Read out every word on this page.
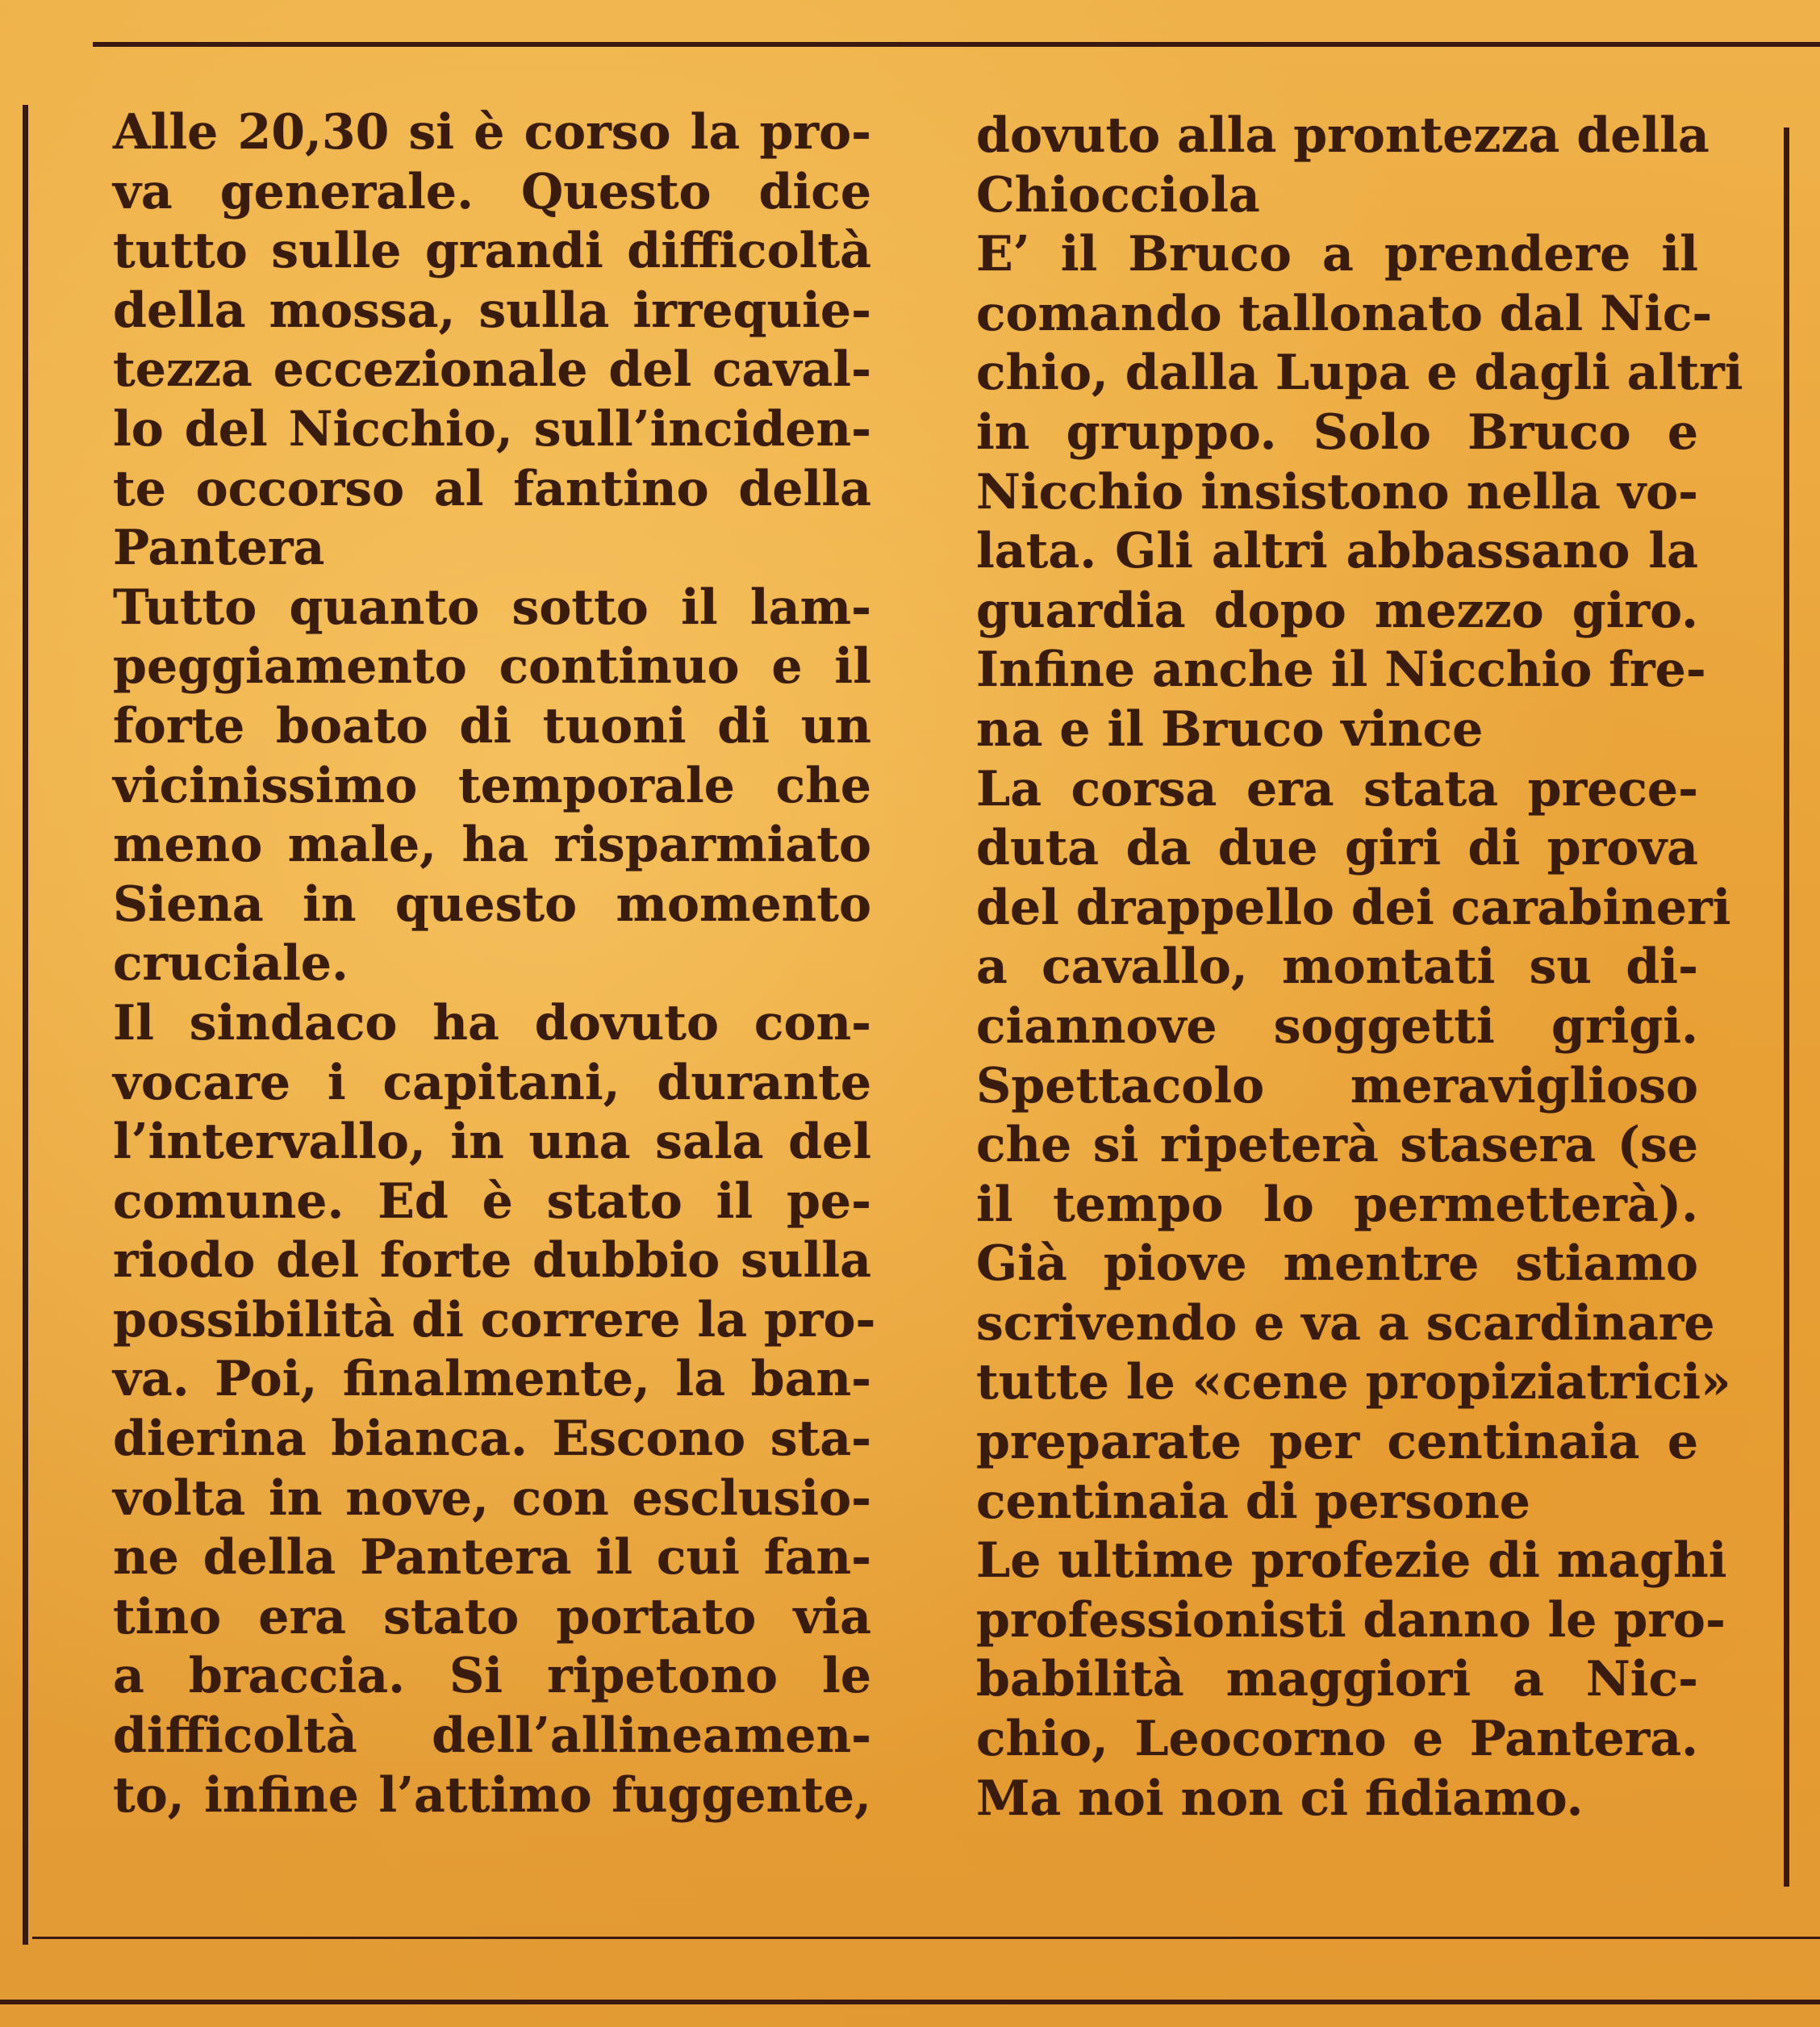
Alle 20,30 si è corso la pro-
va generale. Questo dice
tutto sulle grandi difficoltà
della mossa, sulla irrequie-
tezza eccezionale del caval-
lo del Nicchio, sull’inciden-
te occorso al fantino della
Pantera
Tutto quanto sotto il lam-
peggiamento continuo e il
forte boato di tuoni di un
vicinissimo temporale che
meno male, ha risparmiato
Siena in questo momento
cruciale.
Il sindaco ha dovuto con-
vocare i capitani, durante
l’intervallo, in una sala del
comune. Ed è stato il pe-
riodo del forte dubbio sulla
possibilità di correre la pro-
va. Poi, finalmente, la ban-
dierina bianca. Escono sta-
volta in nove, con esclusio-
ne della Pantera il cui fan-
tino era stato portato via
a braccia. Si ripetono le
difficoltà dell’allineamen-
to, infine l’attimo fuggente,
dovuto alla prontezza della
Chiocciola
E’ il Bruco a prendere il
comando tallonato dal Nic-
chio, dalla Lupa e dagli altri
in gruppo. Solo Bruco e
Nicchio insistono nella vo-
lata. Gli altri abbassano la
guardia dopo mezzo giro.
Infine anche il Nicchio fre-
na e il Bruco vince
La corsa era stata prece-
duta da due giri di prova
del drappello dei carabineri
a cavallo, montati su di-
ciannove soggetti grigi.
Spettacolo meraviglioso
che si ripeterà stasera (se
il tempo lo permetterà).
Già piove mentre stiamo
scrivendo e va a scardinare
tutte le «cene propiziatrici»
preparate per centinaia e
centinaia di persone
Le ultime profezie di maghi
professionisti danno le pro-
babilità maggiori a Nic-
chio, Leocorno e Pantera.
Ma noi non ci fidiamo.
